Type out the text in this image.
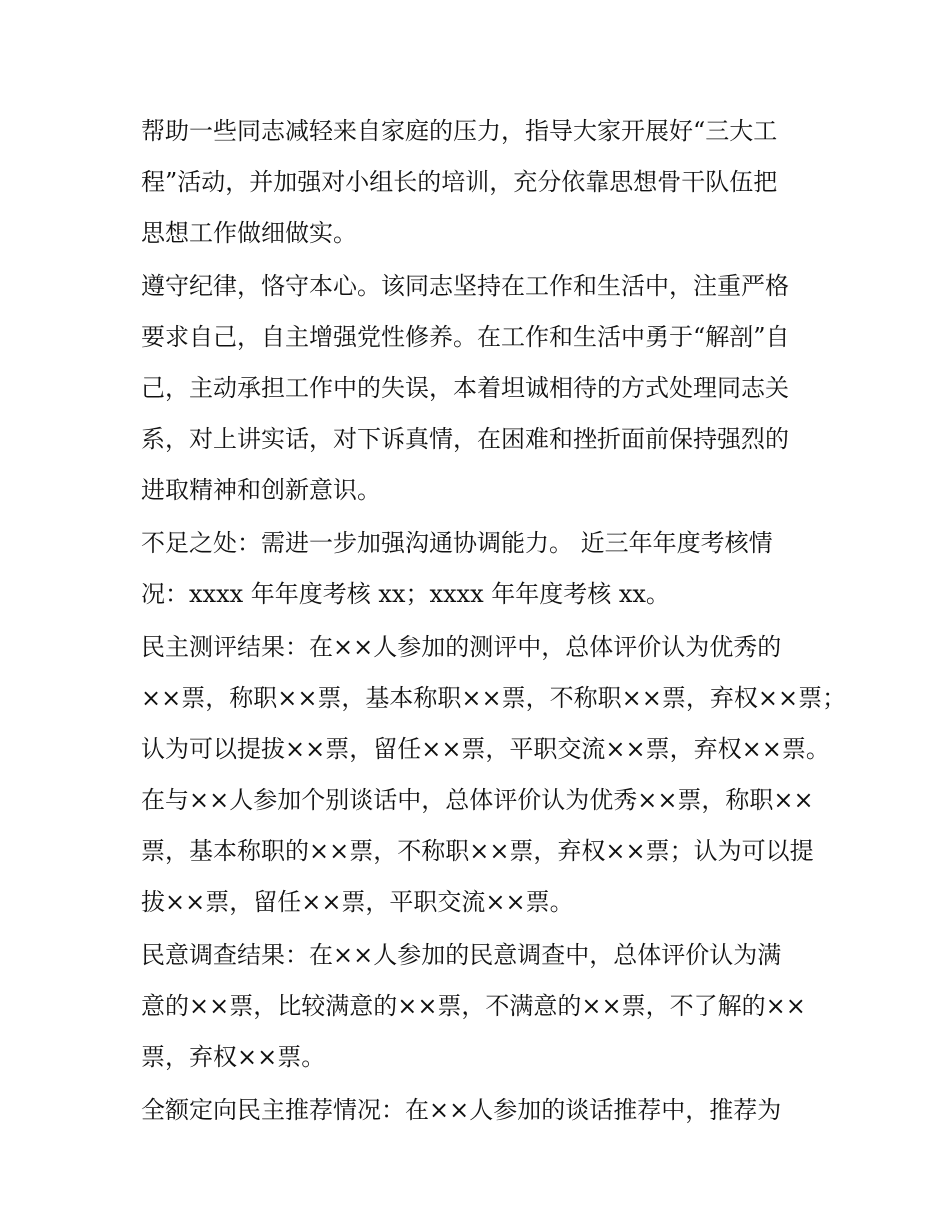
帮助一些同志减轻来自家庭的压力，指导大家开展好“三大工
程”活动，并加强对小组长的培训，充分依靠思想骨干队伍把
思想工作做细做实。
遵守纪律，恪守本心。该同志坚持在工作和生活中，注重严格
要求自己，自主增强党性修养。在工作和生活中勇于“解剖”自
己，主动承担工作中的失误，本着坦诚相待的方式处理同志关
系，对上讲实话，对下诉真情，在困难和挫折面前保持强烈的
进取精神和创新意识。
不足之处：需进一步加强沟通协调能力。 近三年年度考核情
况：xxxx 年年度考核 xx；xxxx 年年度考核 xx。
民主测评结果：在××人参加的测评中，总体评价认为优秀的
××票，称职××票，基本称职××票，不称职××票，弃权××票；
认为可以提拔××票，留任××票，平职交流××票，弃权××票。
在与××人参加个别谈话中，总体评价认为优秀××票，称职××
票，基本称职的××票，不称职××票，弃权××票；认为可以提
拔××票，留任××票，平职交流××票。
民意调查结果：在××人参加的民意调查中，总体评价认为满
意的××票，比较满意的××票，不满意的××票，不了解的××
票，弃权××票。
全额定向民主推荐情况：在××人参加的谈话推荐中，推荐为
